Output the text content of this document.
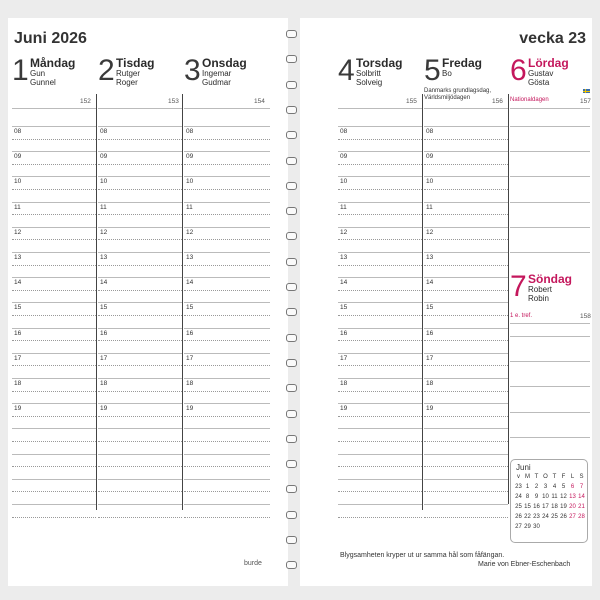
Juni 2026
1 Måndag
Gun
Gunnel 2 Tisdag
Rutger
Roger 3 Onsdag
Ingemar
Gudmar
152	153	154
burde
08
09
10
11
12
13
14
15
16
17
18
19
08
09
10
11
12
13
14
15
16
17
18
19
08
09
10
11
12
13
14
15
16
17
18
19
vecka 23
4 Torsdag
Solbritt
Solveig 5 Fredag
Bo 6 Lördag
Gustav
Gösta
Danmarks grundlagsdag,
Världsmiljödagen	Nationaldagen
155	156	157
7 Söndag
Robert
Robin
1 e. tref.	158
Juni
v M T O T F L S
23 1 2 3 4 5 6 7
24 8 9 10 11 12 13 14
25 15 16 17 18 19 20 21
26 22 23 24 25 26 27 28
27 29 30
Blygsamheten kryper ut ur samma hål som fåfängan.
Marie von Ebner-Eschenbach
08
09
10
11
12
13
14
15
16
17
18
19
08
09
10
11
12
13
14
15
16
17
18
19
